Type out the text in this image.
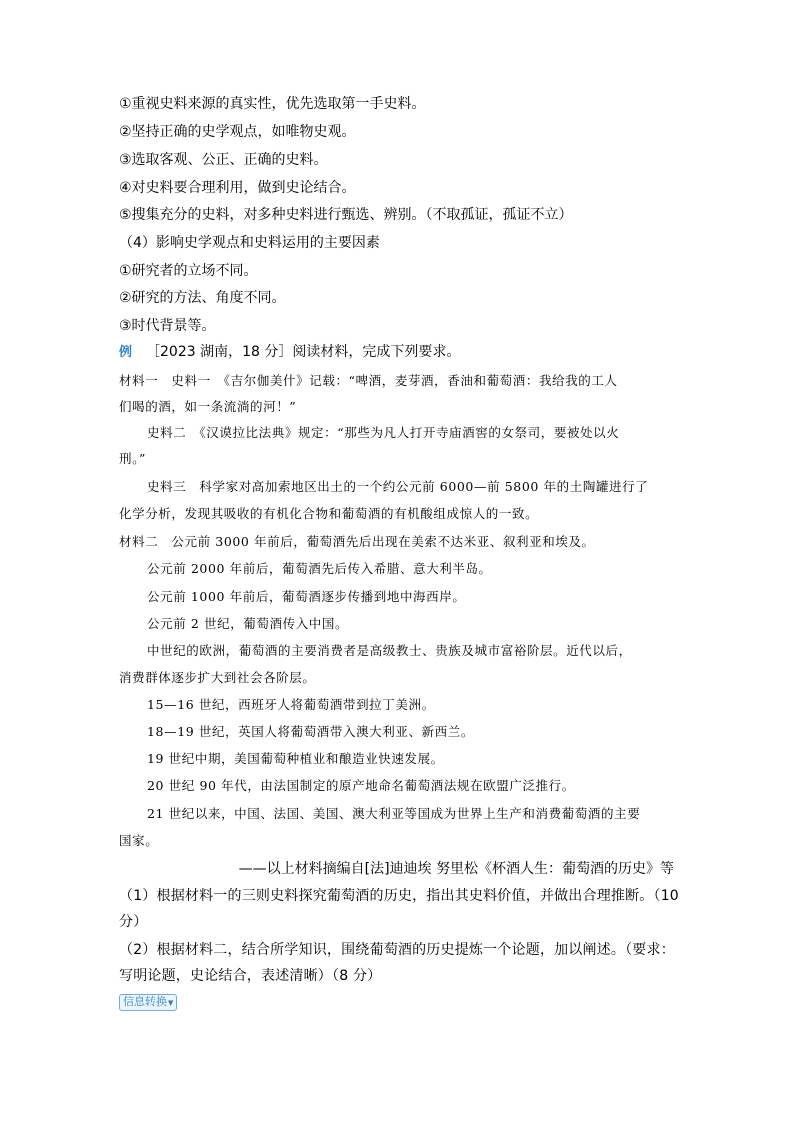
①重视史料来源的真实性，优先选取第一手史料。
②坚持正确的史学观点，如唯物史观。
③选取客观、公正、正确的史料。
④对史料要合理利用，做到史论结合。
⑤搜集充分的史料，对多种史料进行甄选、辨别。（不取孤证，孤证不立）
（4）影响史学观点和史料运用的主要因素
①研究者的立场不同。
②研究的方法、角度不同。
③时代背景等。
例 ［2023 湖南，18 分］阅读材料，完成下列要求。
材料一　史料一　《吉尔伽美什》记载：“啤酒，麦芽酒，香油和葡萄酒：我给我的工人
们喝的酒，如一条流淌的河！”
史料二　《汉谟拉比法典》规定：“那些为凡人打开寺庙酒窖的女祭司，要被处以火
刑。”
史料三　科学家对高加索地区出土的一个约公元前 6000—前 5800 年的土陶罐进行了
化学分析，发现其吸收的有机化合物和葡萄酒的有机酸组成惊人的一致。
材料二　公元前 3000 年前后，葡萄酒先后出现在美索不达米亚、叙利亚和埃及。
公元前 2000 年前后，葡萄酒先后传入希腊、意大利半岛。
公元前 1000 年前后，葡萄酒逐步传播到地中海西岸。
公元前 2 世纪，葡萄酒传入中国。
中世纪的欧洲，葡萄酒的主要消费者是高级教士、贵族及城市富裕阶层。近代以后，
消费群体逐步扩大到社会各阶层。
15—16 世纪，西班牙人将葡萄酒带到拉丁美洲。
18—19 世纪，英国人将葡萄酒带入澳大利亚、新西兰。
19 世纪中期，美国葡萄种植业和酿造业快速发展。
20 世纪 90 年代，由法国制定的原产地命名葡萄酒法规在欧盟广泛推行。
21 世纪以来，中国、法国、美国、澳大利亚等国成为世界上生产和消费葡萄酒的主要
国家。
——以上材料摘编自[法]迪迪埃 努里松《杯酒人生：葡萄酒的历史》等
（1）根据材料一的三则史料探究葡萄酒的历史，指出其史料价值，并做出合理推断。（10
分）
（2）根据材料二，结合所学知识，围绕葡萄酒的历史提炼一个论题，加以阐述。（要求：
写明论题，史论结合，表述清晰）（8 分）
信息转换▼
